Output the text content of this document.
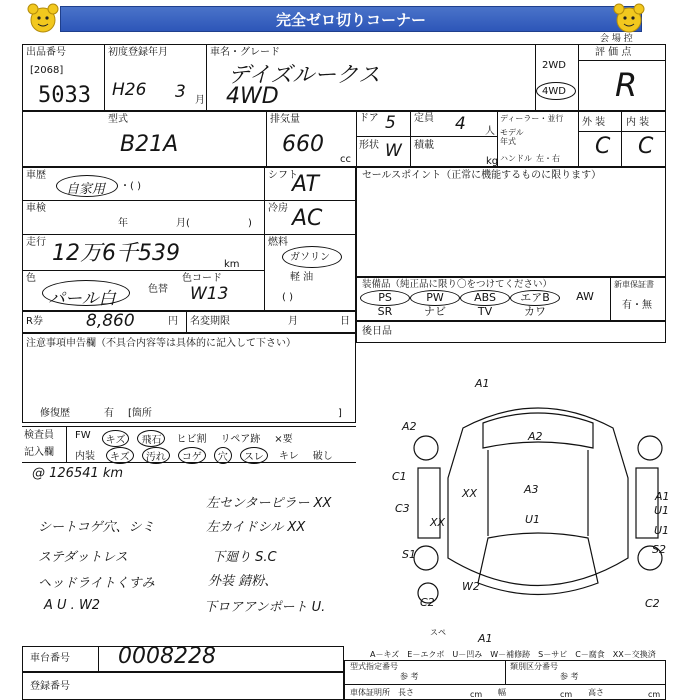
完全ゼロ切りコーナー
会 場 控
出品番号
[2068]
5033
初度登録年月
H26 3 月
車名・グレード
デイズルークス
4WD
2WD
4WD
評 価 点
R
型式
B21A
排気量
660
cc
ドア 5 定員 4 人
形状 W 積載
kg
ディーラー・並行
モデル年式
ハンドル 左・右
外 装 内 装
C C
車歴
自家用 ・( )
車検
年	月(	)
走行 12万6千539	km
色
パール白	色替
色コード
W13
シフト
AT
冷房 AC
燃料
ガソリン
軽 油
( )
R券	8,860	円 名変期限	月	日
注意事項申告欄（不具合内容等は具体的に記入して下さい）
修復歴	有 [箇所	]
検査員
記入欄
FW	キズ	飛石	ヒビ割	リペア跡	×要
内装	キズ	汚れ	コゲ	穴	スレ	キレ	破し
@ 126541 km
シートコゲ穴、シミ
ステダットレス
ヘッドライトくすみ
A U . W2
左センターピラー XX
左カイドシル XX
下廻り S.C
外装 錆粉、
下ロアアンポート U.
セールスポイント（正常に機能するものに限ります）
装備品（純正品に限り〇をつけてください）	新車保証書
有・無
PS	PW	ABS	エアB	AW
SR	ナビ	TV	カワ
後日品
A1
A2
A2
A3
C1
C3
XX
XX	U1
S1
C2
W2
A1
U1
A1
S2
C2
U1
スペ
A－キズ　E－エクボ　U－凹み　W－補修跡　S－サビ　C－腐食　XX－交換済
車台番号 0008228
登録番号
型式指定番号
参 考
類別区分番号
参 考
車体証明所 長さ	cm 幅	cm 高さ	cm
